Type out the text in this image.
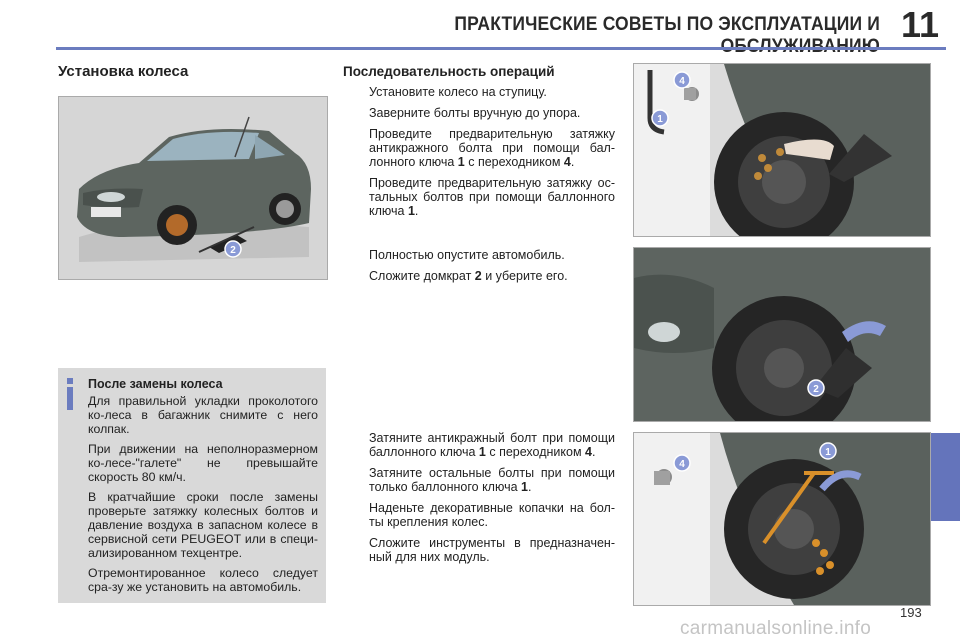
ПРАКТИЧЕСКИЕ СОВЕТЫ ПО ЭКСПЛУАТАЦИИ И 11
Установка колеса
2
После замены колеса

Для правильной укладки проколотого ко-леса в багажник снимите с него колпак.

При движении на неполноразмерном ко-лесе-"галете" не превышайте скорость 80 км/ч.

В кратчайшие сроки после замены проверьте затяжку колесных болтов и давление воздуха в запасном колесе в сервисной сети PEUGEOT или в специ-ализированном техцентре.

Отремонтированное колесо следует сра-зу же установить на автомобиль.

Последовательность операций
Установите колесо на ступицу.
Заверните болты вручную до упора.
Проведите предварительную затяжку антикражного болта при помощи бал-лонного ключа 1 с переходником 4.
Проведите предварительную затяжку ос-тальных болтов при помощи баллонного ключа 1.
Полностью опустите автомобиль.
Сложите домкрат 2 и уберите его.
Затяните антикражный болт при помощи баллонного ключа 1 с переходником 4.
Затяните остальные болты при помощи только баллонного ключа 1.
Наденьте декоративные копачки на бол-ты крепления колес.
Сложите инструменты в предназначен-ный для них модуль.
4
1
2
4
1
193
carmanualsonline.info
